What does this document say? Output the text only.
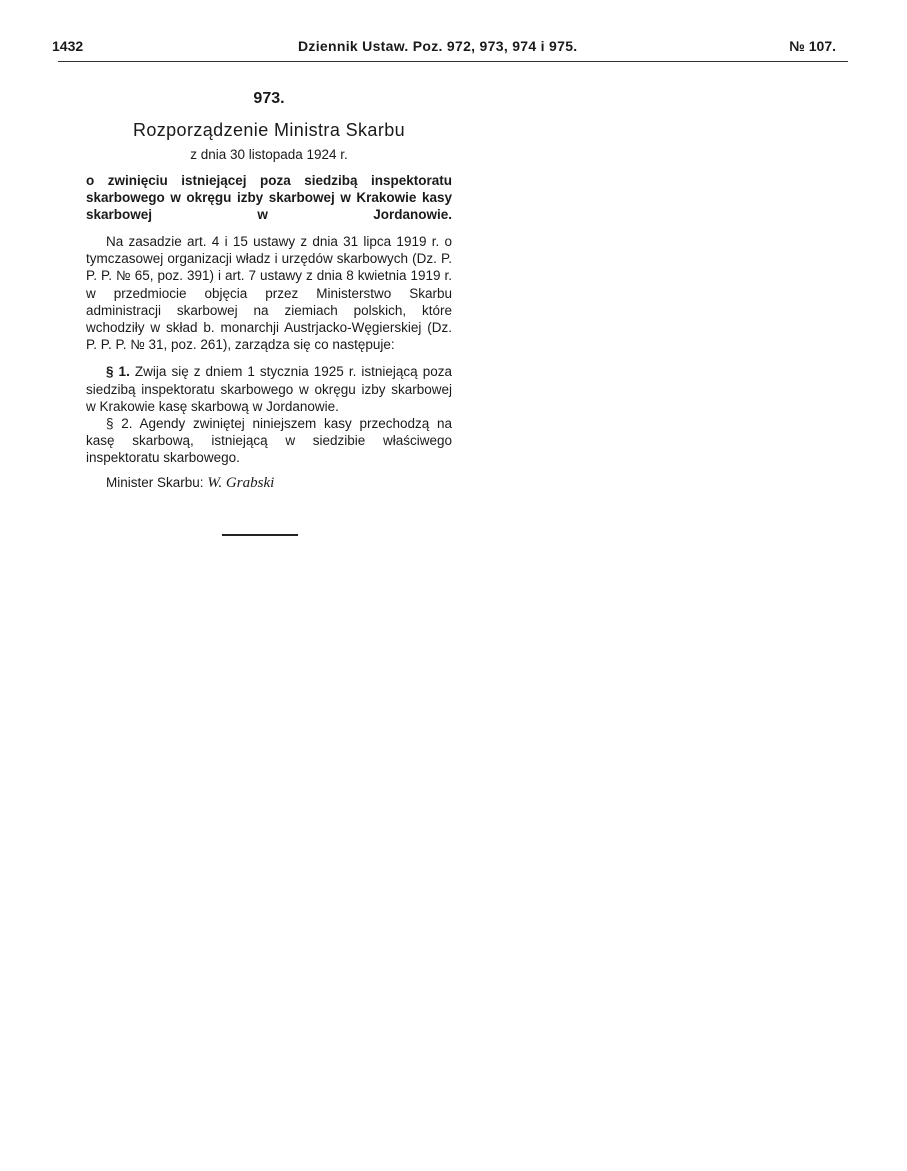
1432	Dziennik Ustaw. Poz. 972, 973, 974 i 975.	№ 107.
973.
Rozporządzenie Ministra Skarbu
z dnia 30 listopada 1924 r.
o zwinięciu istniejącej poza siedzibą inspektoratu skarbowego w okręgu izby skarbowej w Krakowie kasy skarbowej w Jordanowie.

Na zasadzie art. 4 i 15 ustawy z dnia 31 lipca 1919 r. o tymczasowej organizacji władz i urzędów skarbowych (Dz. P. P. P. № 65, poz. 391) i art. 7 ustawy z dnia 8 kwietnia 1919 r. w przedmiocie objęcia przez Ministerstwo Skarbu administracji skarbowej na ziemiach polskich, które wchodziły w skład b. monarchji Austrjacko-Węgierskiej (Dz. P. P. P. № 31, poz. 261), zarządza się co następuje:

§ 1. Zwija się z dniem 1 stycznia 1925 r. istniejącą poza siedzibą inspektoratu skarbowego w okręgu izby skarbowej w Krakowie kasę skarbową w Jordanowie.

§ 2. Agendy zwiniętej niniejszem kasy przechodzą na kasę skarbową, istniejącą w siedzibie właściwego inspektoratu skarbowego.

Minister Skarbu: W. Grabski
